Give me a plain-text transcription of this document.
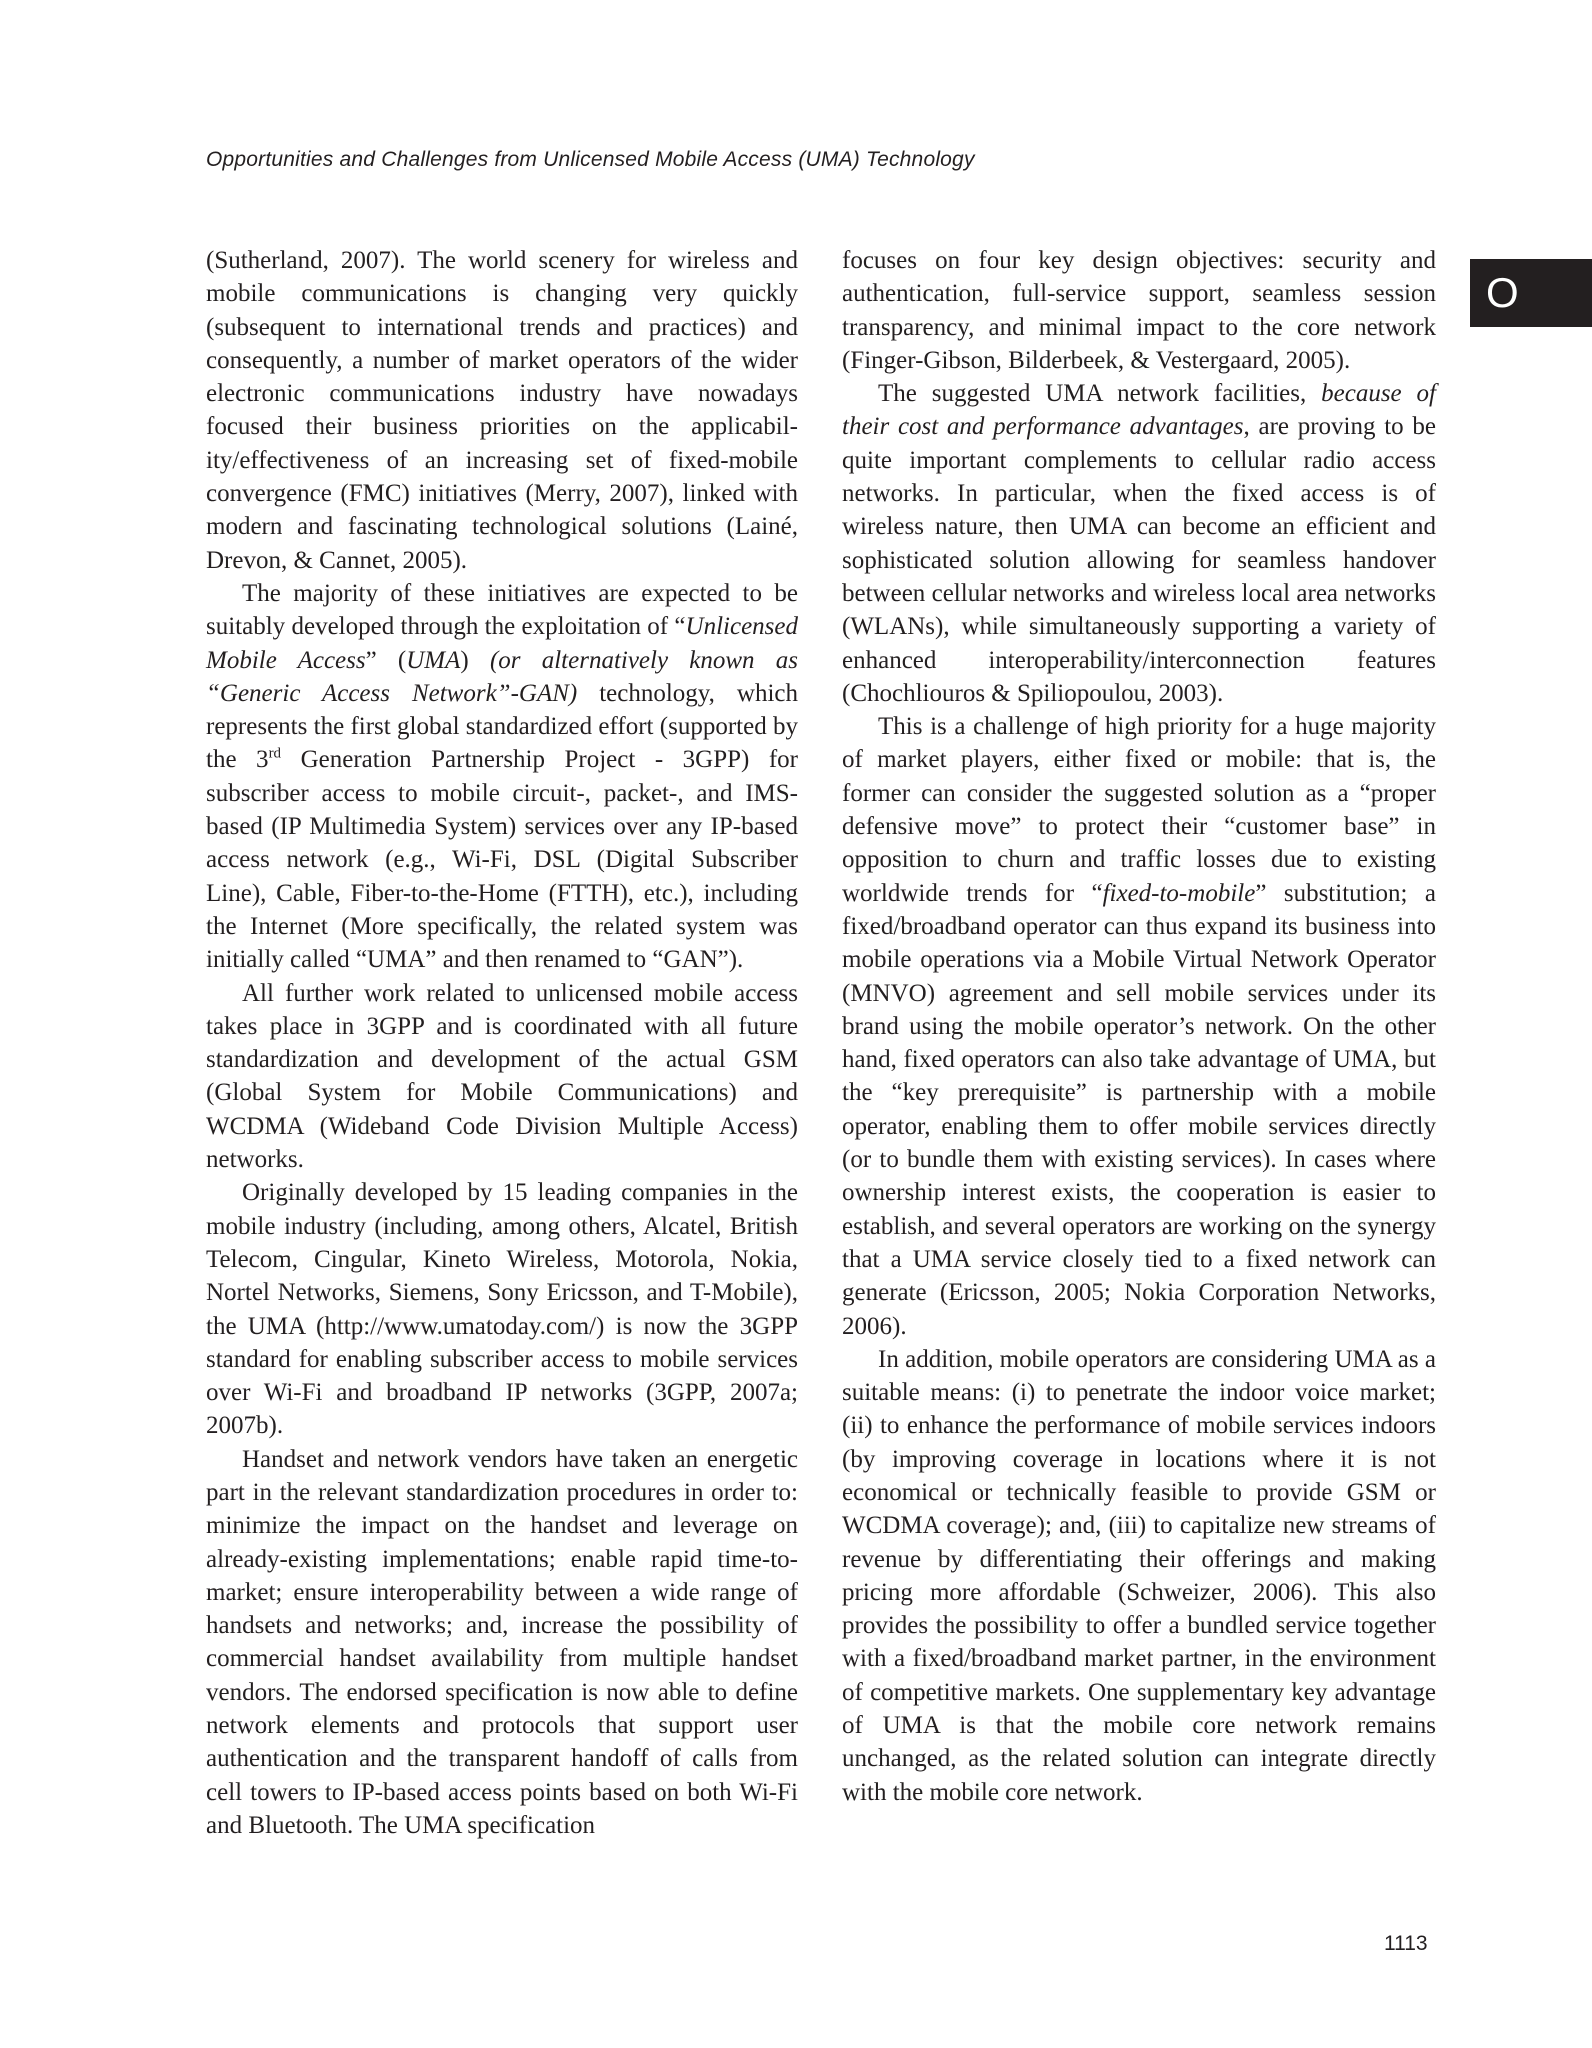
Opportunities and Challenges from Unlicensed Mobile Access (UMA) Technology
O

(Sutherland, 2007). The world scenery for wireless and mobile communications is changing very quickly (subsequent to international trends and practices) and consequently, a number of market operators of the wider electronic communications industry have nowadays focused their business priorities on the applicability/effectiveness of an increasing set of fixed-mobile convergence (FMC) initiatives (Merry, 2007), linked with modern and fascinating technological solutions (Lainé, Drevon, & Cannet, 2005).

The majority of these initiatives are expected to be suitably developed through the exploitation of “Unlicensed Mobile Access” (UMA) (or alternatively known as “Generic Access Network”-GAN) technology, which represents the first global standardized effort (supported by the 3rd Generation Partnership Project - 3GPP) for subscriber access to mobile circuit-, packet-, and IMS-based (IP Multimedia System) services over any IP-based access network (e.g., Wi-Fi, DSL (Digital Subscriber Line), Cable, Fiber-to-the-Home (FTTH), etc.), including the Internet (More specifically, the related system was initially called “UMA” and then renamed to “GAN”).

All further work related to unlicensed mobile access takes place in 3GPP and is coordinated with all future standardization and development of the actual GSM (Global System for Mobile Communications) and WCDMA (Wideband Code Division Multiple Access) networks.

Originally developed by 15 leading companies in the mobile industry (including, among others, Alcatel, British Telecom, Cingular, Kineto Wireless, Motorola, Nokia, Nortel Networks, Siemens, Sony Ericsson, and T-Mobile), the UMA (http://www.umatoday.com/) is now the 3GPP standard for enabling subscriber access to mobile services over Wi-Fi and broadband IP networks (3GPP, 2007a; 2007b).

Handset and network vendors have taken an energetic part in the relevant standardization procedures in order to: minimize the impact on the handset and leverage on already-existing implementations; enable rapid time-to-market; ensure interoperability between a wide range of handsets and networks; and, increase the possibility of commercial handset availability from multiple handset vendors. The endorsed specification is now able to define network elements and protocols that support user authentication and the transparent handoff of calls from cell towers to IP-based access points based on both Wi-Fi and Bluetooth. The UMA specification

focuses on four key design objectives: security and authentication, full-service support, seamless session transparency, and minimal impact to the core network (Finger-Gibson, Bilderbeek, & Vestergaard, 2005).

The suggested UMA network facilities, because of their cost and performance advantages, are proving to be quite important complements to cellular radio access networks. In particular, when the fixed access is of wireless nature, then UMA can become an efficient and sophisticated solution allowing for seamless handover between cellular networks and wireless local area networks (WLANs), while simultaneously supporting a variety of enhanced interoperability/interconnection features (Chochliouros & Spiliopoulou, 2003).

This is a challenge of high priority for a huge majority of market players, either fixed or mobile: that is, the former can consider the suggested solution as a “proper defensive move” to protect their “customer base” in opposition to churn and traffic losses due to existing worldwide trends for “fixed-to-mobile” substitution; a fixed/broadband operator can thus expand its business into mobile operations via a Mobile Virtual Network Operator (MNVO) agreement and sell mobile services under its brand using the mobile operator’s network. On the other hand, fixed operators can also take advantage of UMA, but the “key prerequisite” is partnership with a mobile operator, enabling them to offer mobile services directly (or to bundle them with existing services). In cases where ownership interest exists, the cooperation is easier to establish, and several operators are working on the synergy that a UMA service closely tied to a fixed network can generate (Ericsson, 2005; Nokia Corporation Networks, 2006).

In addition, mobile operators are considering UMA as a suitable means: (i) to penetrate the indoor voice market; (ii) to enhance the performance of mobile services indoors (by improving coverage in locations where it is not economical or technically feasible to provide GSM or WCDMA coverage); and, (iii) to capitalize new streams of revenue by differentiating their offerings and making pricing more affordable (Schweizer, 2006). This also provides the possibility to offer a bundled service together with a fixed/broadband market partner, in the environment of competitive markets. One supplementary key advantage of UMA is that the mobile core network remains unchanged, as the related solution can integrate directly with the mobile core network.

1113
